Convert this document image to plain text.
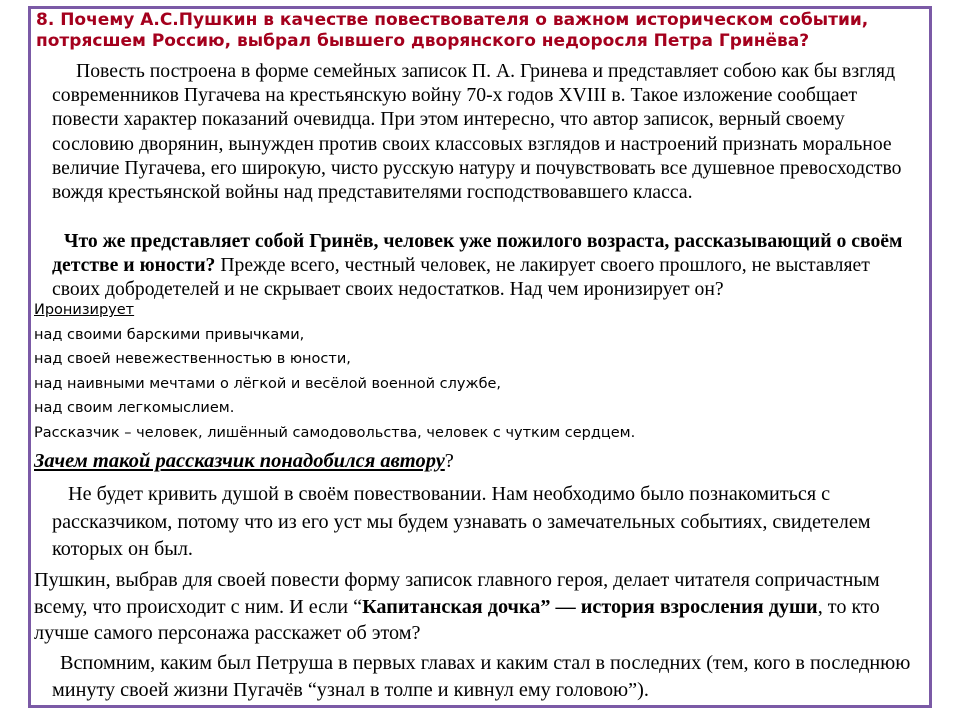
8. Почему А.С.Пушкин в качестве повествователя о важном историческом событии, потрясшем Россию, выбрал бывшего дворянского недоросля Петра Гринёва?

Повесть построена в форме семейных записок П. А. Гринева и представляет собою как бы взгляд современников Пугачева на крестьянскую войну 70-х годов XVIII в. Такое изложение сообщает повести характер показаний очевидца. При этом интересно, что автор записок, верный своему сословию дворянин, вынужден против своих классовых взглядов и настроений признать моральное величие Пугачева, его широкую, чисто русскую натуру и почувствовать все душевное превосходство вождя крестьянской войны над представителями господствовавшего класса.

Что же представляет собой Гринёв, человек уже пожилого возраста, рассказывающий о своём детстве и юности? Прежде всего, честный человек, не лакирует своего прошлого, не выставляет своих добродетелей и не скрывает своих недостатков. Над чем иронизирует он?

Иронизирует
над своими барскими привычками,
над своей невежественностью в юности,
над наивными мечтами о лёгкой и весёлой военной службе,
над своим легкомыслием.
Рассказчик – человек, лишённый самодовольства, человек с чутким сердцем.

Зачем такой рассказчик понадобился автору?

Не будет кривить душой в своём повествовании. Нам необходимо было познакомиться с рассказчиком, потому что из его уст мы будем узнавать о замечательных событиях, свидетелем которых он был.

Пушкин, выбрав для своей повести форму записок главного героя, делает читателя сопричастным всему, что происходит с ним. И если “Капитанская дочка” — история взросления души, то кто лучше самого персонажа расскажет об этом?

Вспомним, каким был Петруша в первых главах и каким стал в последних (тем, кого в последнюю минуту своей жизни Пугачёв “узнал в толпе и кивнул ему головою”).
